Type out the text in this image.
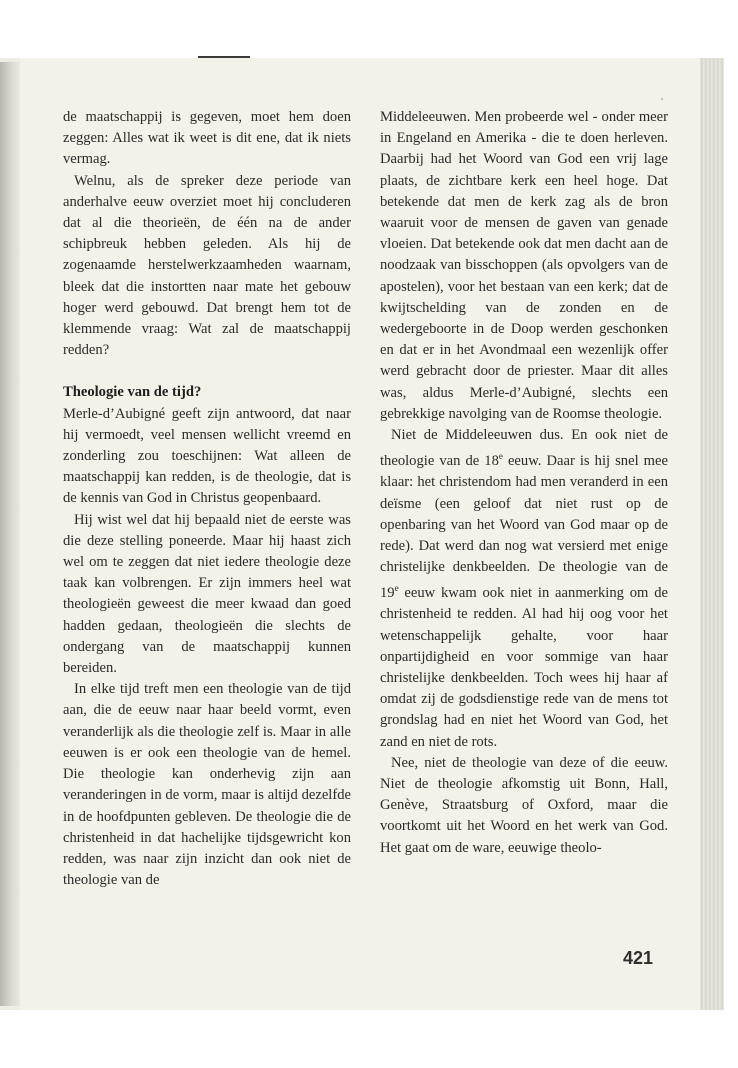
de maatschappij is gegeven, moet hem doen zeggen: Alles wat ik weet is dit ene, dat ik niets vermag.

Welnu, als de spreker deze periode van anderhalve eeuw overziet moet hij concluderen dat al die theorieën, de één na de ander schipbreuk hebben geleden. Als hij de zogenaamde herstelwerkzaamheden waarnam, bleek dat die instortten naar mate het gebouw hoger werd gebouwd. Dat brengt hem tot de klemmende vraag: Wat zal de maatschappij redden?

Theologie van de tijd?

Merle-d’Aubigné geeft zijn antwoord, dat naar hij vermoedt, veel mensen wellicht vreemd en zonderling zou toeschijnen: Wat alleen de maatschappij kan redden, is de theologie, dat is de kennis van God in Christus geopenbaard.

Hij wist wel dat hij bepaald niet de eerste was die deze stelling poneerde. Maar hij haast zich wel om te zeggen dat niet iedere theologie deze taak kan volbrengen. Er zijn immers heel wat theologieën geweest die meer kwaad dan goed hadden gedaan, theologieën die slechts de ondergang van de maatschappij kunnen bereiden.

In elke tijd treft men een theologie van de tijd aan, die de eeuw naar haar beeld vormt, even veranderlijk als die theologie zelf is. Maar in alle eeuwen is er ook een theologie van de hemel. Die theologie kan onderhevig zijn aan veranderingen in de vorm, maar is altijd dezelfde in de hoofdpunten gebleven. De theologie die de christenheid in dat hachelijke tijdsgewricht kon redden, was naar zijn inzicht dan ook niet de theologie van de

Middeleeuwen. Men probeerde wel - onder meer in Engeland en Amerika - die te doen herleven. Daarbij had het Woord van God een vrij lage plaats, de zichtbare kerk een heel hoge. Dat betekende dat men de kerk zag als de bron waaruit voor de mensen de gaven van genade vloeien. Dat betekende ook dat men dacht aan de noodzaak van bisschoppen (als opvolgers van de apostelen), voor het bestaan van een kerk; dat de kwijtschelding van de zonden en de wedergeboorte in de Doop werden geschonken en dat er in het Avondmaal een wezenlijk offer werd gebracht door de priester. Maar dit alles was, aldus Merle-d’Aubigné, slechts een gebrekkige navolging van de Roomse theologie.

Niet de Middeleeuwen dus. En ook niet de theologie van de 18e eeuw. Daar is hij snel mee klaar: het christendom had men veranderd in een deïsme (een geloof dat niet rust op de openbaring van het Woord van God maar op de rede). Dat werd dan nog wat versierd met enige christelijke denkbeelden. De theologie van de 19e eeuw kwam ook niet in aanmerking om de christenheid te redden. Al had hij oog voor het wetenschappelijk gehalte, voor haar onpartijdigheid en voor sommige van haar christelijke denkbeelden. Toch wees hij haar af omdat zij de godsdienstige rede van de mens tot grondslag had en niet het Woord van God, het zand en niet de rots.

Nee, niet de theologie van deze of die eeuw. Niet de theologie afkomstig uit Bonn, Hall, Genève, Straatsburg of Oxford, maar die voortkomt uit het Woord en het werk van God. Het gaat om de ware, eeuwige theolo-

421
